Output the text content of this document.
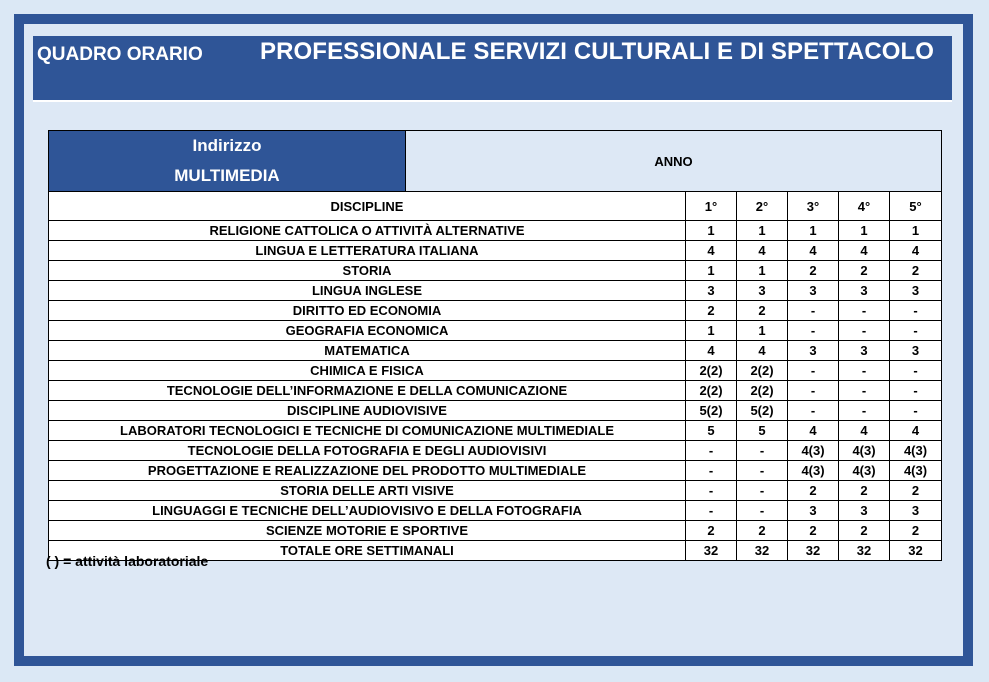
QUADRO ORARIO PROFESSIONALE SERVIZI CULTURALI E DI SPETTACOLO
Indirizzo
MULTIMEDIA	ANNO					
DISCIPLINE		1°	2°	3°	4°	5°
RELIGIONE CATTOLICA O ATTIVITÀ ALTERNATIVE		1	1	1	1	1
LINGUA E LETTERATURA ITALIANA		4	4	4	4	4
STORIA		1	1	2	2	2
LINGUA INGLESE		3	3	3	3	3
DIRITTO ED ECONOMIA		2	2	-	-	-
GEOGRAFIA ECONOMICA		1	1	-	-	-
MATEMATICA		4	4	3	3	3
CHIMICA E FISICA		2(2)	2(2)	-	-	-
TECNOLOGIE DELL’INFORMAZIONE E DELLA COMUNICAZIONE		2(2)	2(2)	-	-	-
DISCIPLINE AUDIOVISIVE		5(2)	5(2)	-	-	-
LABORATORI TECNOLOGICI E TECNICHE DI COMUNICAZIONE MULTIMEDIALE		5	5	4	4	4
TECNOLOGIE DELLA FOTOGRAFIA E DEGLI AUDIOVISIVI		-	-	4(3)	4(3)	4(3)
PROGETTAZIONE E REALIZZAZIONE DEL PRODOTTO MULTIMEDIALE		-	-	4(3)	4(3)	4(3)
STORIA DELLE ARTI VISIVE		-	-	2	2	2
LINGUAGGI E TECNICHE DELL’AUDIOVISIVO E DELLA FOTOGRAFIA		-	-	3	3	3
SCIENZE MOTORIE E SPORTIVE		2	2	2	2	2
TOTALE ORE SETTIMANALI		32	32	32	32	32
( ) = attività laboratoriale
